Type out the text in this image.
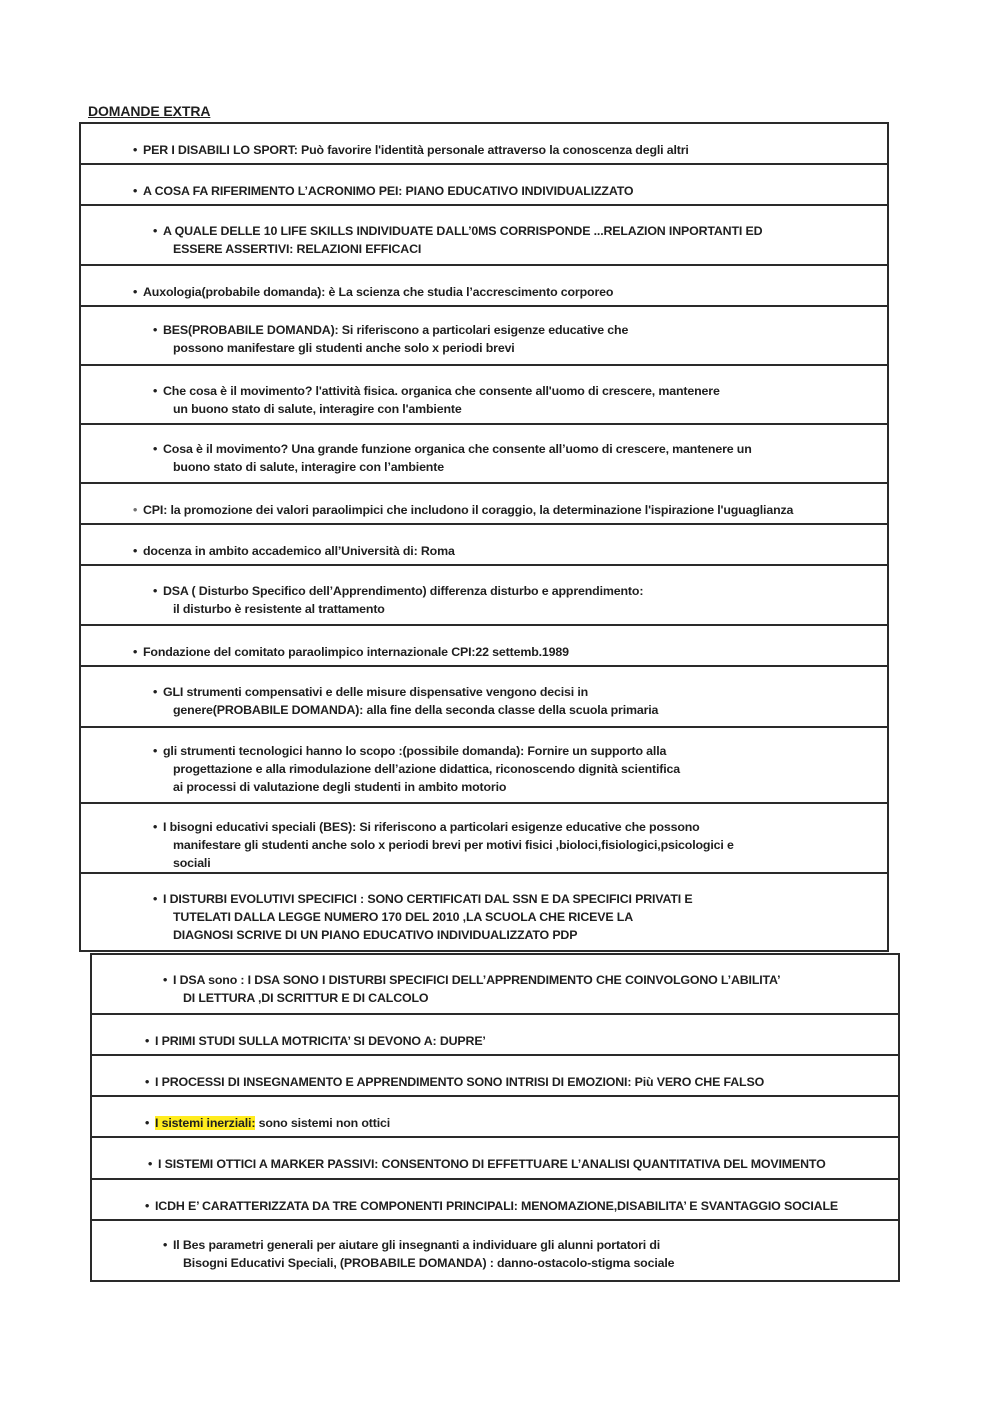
DOMANDE EXTRA
• PER I DISABILI LO SPORT: Può favorire l'identità personale attraverso la conoscenza degli altri
• A COSA FA RIFERIMENTO L’ACRONIMO PEI: PIANO EDUCATIVO INDIVIDUALIZZATO
• A QUALE DELLE 10 LIFE SKILLS INDIVIDUATE DALL’0MS CORRISPONDE ...RELAZION INPORTANTI ED
ESSERE ASSERTIVI: RELAZIONI EFFICACI
• Auxologia(probabile domanda): è La scienza che studia l’accrescimento corporeo
• BES(PROBABILE DOMANDA): Si riferiscono a particolari esigenze educative che
possono manifestare gli studenti anche solo x periodi brevi
• Che cosa è il movimento? l'attività fisica. organica che consente all'uomo di crescere, mantenere
un buono stato di salute, interagire con l'ambiente
• Cosa è il movimento? Una grande funzione organica che consente all’uomo di crescere, mantenere un
buono stato di salute, interagire con l’ambiente
• CPI: la promozione dei valori paraolimpici che includono il coraggio, la determinazione l'ispirazione l'uguaglianza
• docenza in ambito accademico all’Università di: Roma
• DSA ( Disturbo Specifico dell’Apprendimento) differenza disturbo e apprendimento:
il disturbo è resistente al trattamento
• Fondazione del comitato paraolimpico internazionale CPI:22 settemb.1989
• GLI strumenti compensativi e delle misure dispensative vengono decisi in
genere(PROBABILE DOMANDA): alla fine della seconda classe della scuola primaria
• gli strumenti tecnologici hanno lo scopo :(possibile domanda): Fornire un supporto alla
progettazione e alla rimodulazione dell’azione didattica, riconoscendo dignità scientifica
ai processi di valutazione degli studenti in ambito motorio
• I bisogni educativi speciali (BES): Si riferiscono a particolari esigenze educative che possono
manifestare gli studenti anche solo x periodi brevi per motivi fisici ,bioloci,fisiologici,psicologici e
sociali
• I DISTURBI EVOLUTIVI SPECIFICI : SONO CERTIFICATI DAL SSN E DA SPECIFICI PRIVATI E
TUTELATI DALLA LEGGE NUMERO 170 DEL 2010 ,LA SCUOLA CHE RICEVE LA
DIAGNOSI SCRIVE DI UN PIANO EDUCATIVO INDIVIDUALIZZATO PDP
• I DSA sono : I DSA SONO I DISTURBI SPECIFICI DELL’APPRENDIMENTO CHE COINVOLGONO L’ABILITA’
DI LETTURA ,DI SCRITTUR E DI CALCOLO
• I PRIMI STUDI SULLA MOTRICITA’ SI DEVONO A: DUPRE’
• I PROCESSI DI INSEGNAMENTO E APPRENDIMENTO SONO INTRISI DI EMOZIONI: Più VERO CHE FALSO
• I sistemi inerziali: sono sistemi non ottici
• I SISTEMI OTTICI A MARKER PASSIVI: CONSENTONO DI EFFETTUARE L’ANALISI QUANTITATIVA DEL MOVIMENTO
• ICDH E’ CARATTERIZZATA DA TRE COMPONENTI PRINCIPALI: MENOMAZIONE,DISABILITA’ E SVANTAGGIO SOCIALE
• Il Bes parametri generali per aiutare gli insegnanti a individuare gli alunni portatori di
Bisogni Educativi Speciali, (PROBABILE DOMANDA) : danno-ostacolo-stigma sociale
